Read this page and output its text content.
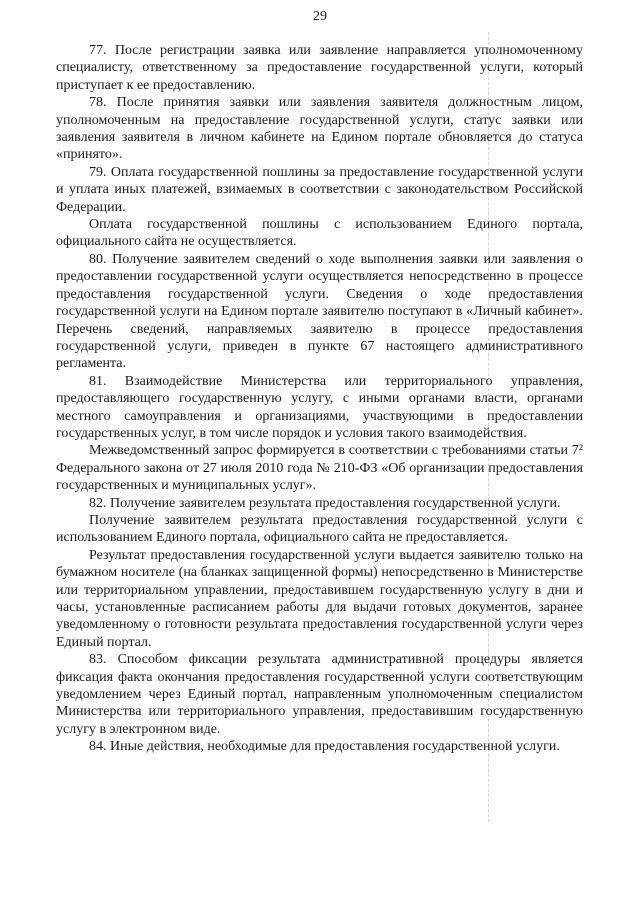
29

77. После регистрации заявка или заявление направляется уполномоченному специалисту, ответственному за предоставление государственной услуги, который приступает к ее предоставлению.

78. После принятия заявки или заявления заявителя должностным лицом, уполномоченным на предоставление государственной услуги, статус заявки или заявления заявителя в личном кабинете на Едином портале обновляется до статуса «принято».

79. Оплата государственной пошлины за предоставление государственной услуги и уплата иных платежей, взимаемых в соответствии с законодательством Российской Федерации.

Оплата государственной пошлины с использованием Единого портала, официального сайта не осуществляется.

80. Получение заявителем сведений о ходе выполнения заявки или заявления о предоставлении государственной услуги осуществляется непосредственно в процессе предоставления государственной услуги. Сведения о ходе предоставления государственной услуги на Едином портале заявителю поступают в «Личный кабинет». Перечень сведений, направляемых заявителю в процессе предоставления государственной услуги, приведен в пункте 67 настоящего административного регламента.

81. Взаимодействие Министерства или территориального управления, предоставляющего государственную услугу, с иными органами власти, органами местного самоуправления и организациями, участвующими в предоставлении государственных услуг, в том числе порядок и условия такого взаимодействия.

Межведомственный запрос формируется в соответствии с требованиями статьи 7² Федерального закона от 27 июля 2010 года № 210-ФЗ «Об организации предоставления государственных и муниципальных услуг».

82. Получение заявителем результата предоставления государственной услуги.

Получение заявителем результата предоставления государственной услуги с использованием Единого портала, официального сайта не предоставляется.

Результат предоставления государственной услуги выдается заявителю только на бумажном носителе (на бланках защищенной формы) непосредственно в Министерстве или территориальном управлении, предоставившем государственную услугу в дни и часы, установленные расписанием работы для выдачи готовых документов, заранее уведомленному о готовности результата предоставления государственной услуги через Единый портал.

83. Способом фиксации результата административной процедуры является фиксация факта окончания предоставления государственной услуги соответствующим уведомлением через Единый портал, направленным уполномоченным специалистом Министерства или территориального управления, предоставившим государственную услугу в электронном виде.

84. Иные действия, необходимые для предоставления государственной услуги.
